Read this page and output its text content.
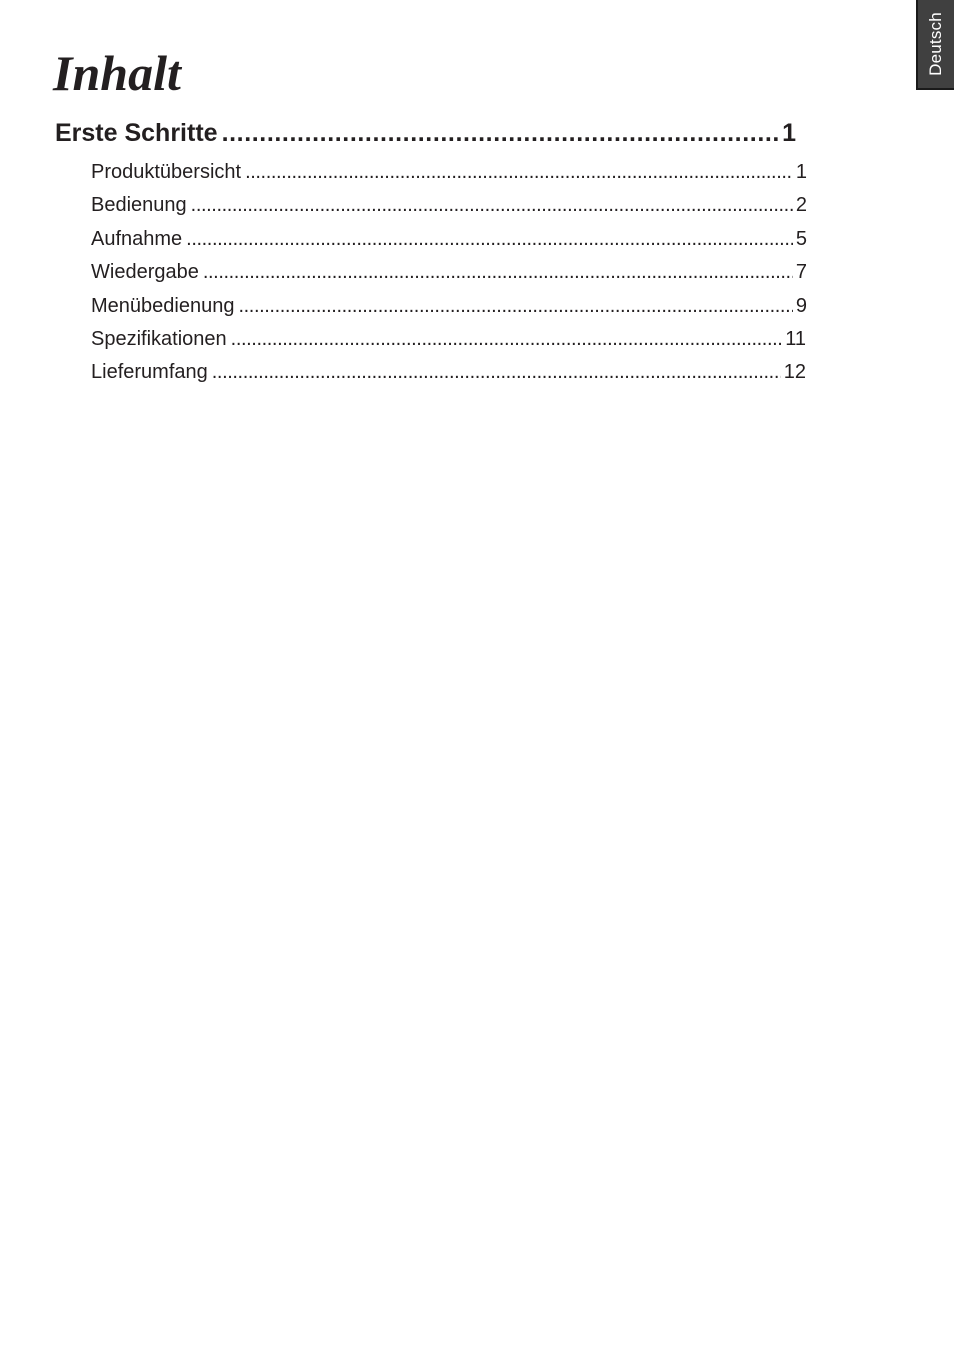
Deutsch
Inhalt
Erste Schritte .....	1
Produktübersicht .....	1
Bedienung .....	2
Aufnahme .....	5
Wiedergabe .....	7
Menübedienung .....	9
Spezifikationen .....	11
Lieferumfang .....	12
